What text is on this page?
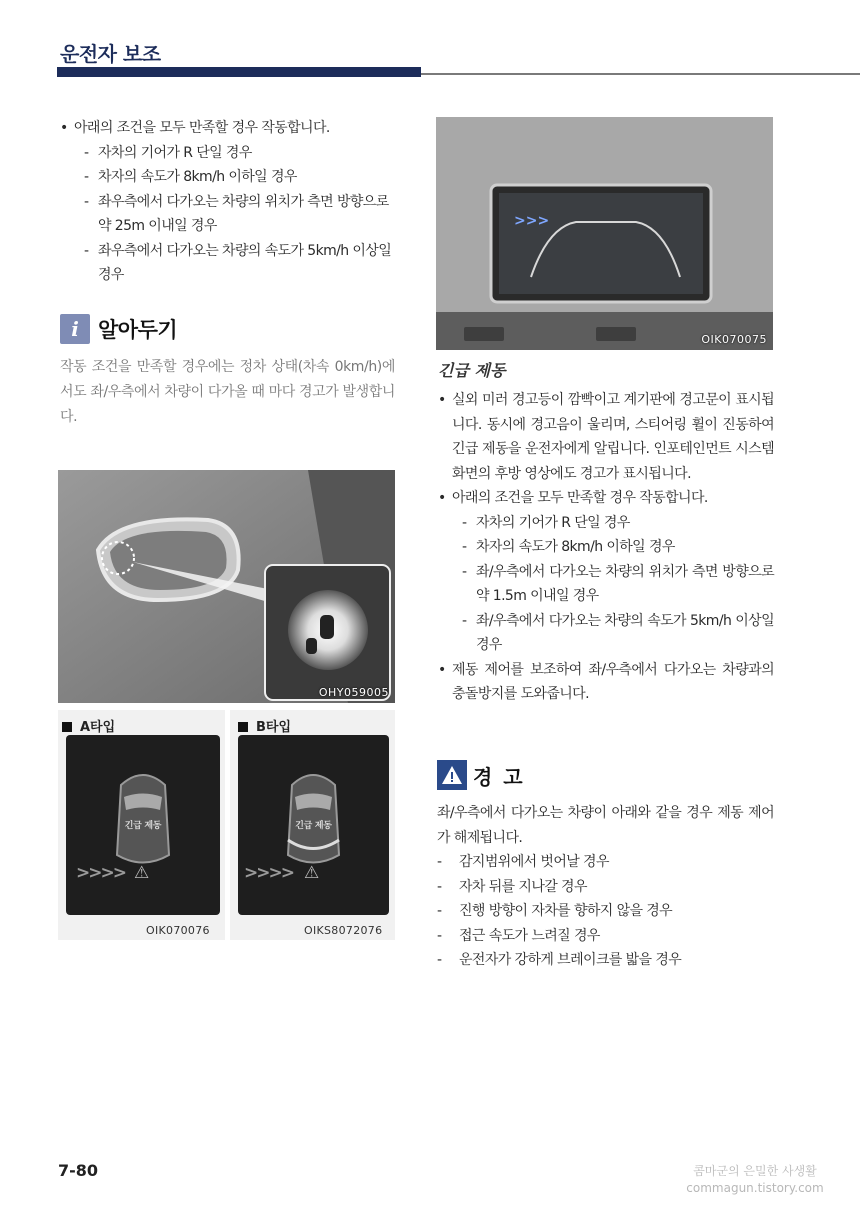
운전자 보조
• 아래의 조건을 모두 만족할 경우 작동합니다.
- 자차의 기어가 R 단일 경우
- 차자의 속도가 8km/h 이하일 경우
- 좌우측에서 다가오는 차량의 위치가 측면 방향으로 약 25m 이내일 경우
- 좌우측에서 다가오는 차량의 속도가 5km/h 이상일 경우
i 알아두기
작동 조건을 만족할 경우에는 정차 상태(차속 0km/h)에서도 좌/우측에서 차량이 다가올 때 마다 경고가 발생합니다.
OHY059005
A타입
긴급 제동
>>>> ⚠
OIK070076
B타입
긴급 제동
>>>> ⚠
OIKS8072076
>>>
OIK070075
긴급 제동
• 실외 미러 경고등이 깜빡이고 계기판에 경고문이 표시됩니다. 동시에 경고음이 울리며, 스티어링 휠이 진동하여 긴급 제동을 운전자에게 알립니다. 인포테인먼트 시스템 화면의 후방 영상에도 경고가 표시됩니다.
• 아래의 조건을 모두 만족할 경우 작동합니다.
- 자차의 기어가 R 단일 경우
- 차자의 속도가 8km/h 이하일 경우
- 좌/우측에서 다가오는 차량의 위치가 측면 방향으로 약 1.5m 이내일 경우
- 좌/우측에서 다가오는 차량의 속도가 5km/h 이상일 경우
• 제동 제어를 보조하여 좌/우측에서 다가오는 차량과의 충돌방지를 도와줍니다.
경 고
좌/우측에서 다가오는 차량이 아래와 같을 경우 제동 제어가 해제됩니다.
- 감지범위에서 벗어날 경우
- 자차 뒤를 지나갈 경우
- 진행 방향이 자차를 향하지 않을 경우
- 접근 속도가 느려질 경우
- 운전자가 강하게 브레이크를 밟을 경우
7-80	콤마군의 은밀한 사생활
commagun.tistory.com
